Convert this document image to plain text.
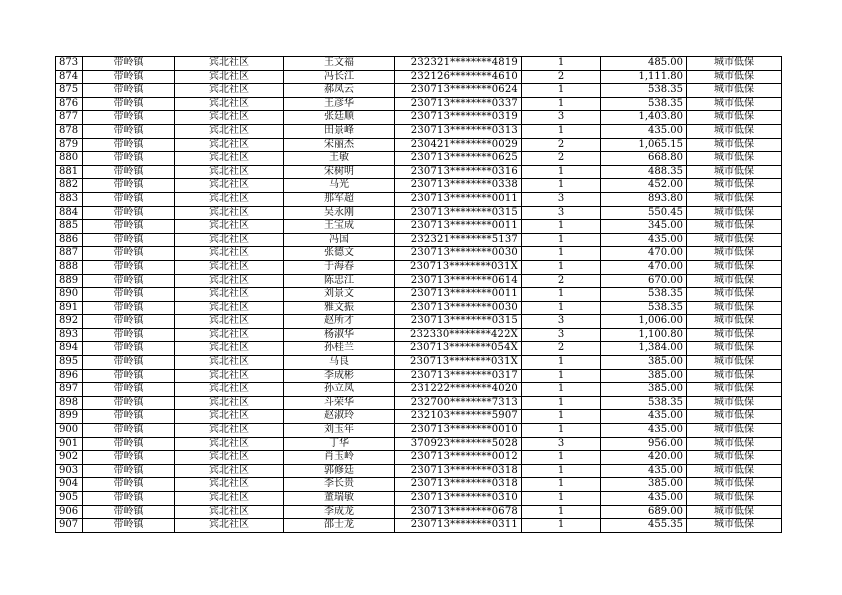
873	带岭镇	宾北社区	王文福	232321********4819	1	485.00	城市低保
874	带岭镇	宾北社区	冯长江	232126********4610	2	1,111.80	城市低保
875	带岭镇	宾北社区	郝凤云	230713********0624	1	538.35	城市低保
876	带岭镇	宾北社区	王彦华	230713********0337	1	538.35	城市低保
877	带岭镇	宾北社区	张廷顺	230713********0319	3	1,403.80	城市低保
878	带岭镇	宾北社区	田景峰	230713********0313	1	435.00	城市低保
879	带岭镇	宾北社区	宋丽杰	230421********0029	2	1,065.15	城市低保
880	带岭镇	宾北社区	王敏	230713********0625	2	668.80	城市低保
881	带岭镇	宾北社区	宋树明	230713********0316	1	488.35	城市低保
882	带岭镇	宾北社区	马光	230713********0338	1	452.00	城市低保
883	带岭镇	宾北社区	那军超	230713********0011	3	893.80	城市低保
884	带岭镇	宾北社区	吴永刚	230713********0315	3	550.45	城市低保
885	带岭镇	宾北社区	王宝成	230713********0011	1	345.00	城市低保
886	带岭镇	宾北社区	冯国	232321********5137	1	435.00	城市低保
887	带岭镇	宾北社区	张德文	230713********0030	1	470.00	城市低保
888	带岭镇	宾北社区	于海春	230713********031X	1	470.00	城市低保
889	带岭镇	宾北社区	陈忠江	230713********0614	2	670.00	城市低保
890	带岭镇	宾北社区	刘景文	230713********0011	1	538.35	城市低保
891	带岭镇	宾北社区	雅文振	230713********0030	1	538.35	城市低保
892	带岭镇	宾北社区	赵所才	230713********0315	3	1,006.00	城市低保
893	带岭镇	宾北社区	杨淑华	232330********422X	3	1,100.80	城市低保
894	带岭镇	宾北社区	孙桂兰	230713********054X	2	1,384.00	城市低保
895	带岭镇	宾北社区	马良	230713********031X	1	385.00	城市低保
896	带岭镇	宾北社区	李成彬	230713********0317	1	385.00	城市低保
897	带岭镇	宾北社区	孙立凤	231222********4020	1	385.00	城市低保
898	带岭镇	宾北社区	斗荣华	232700********7313	1	538.35	城市低保
899	带岭镇	宾北社区	赵淑玲	232103********5907	1	435.00	城市低保
900	带岭镇	宾北社区	刘玉年	230713********0010	1	435.00	城市低保
901	带岭镇	宾北社区	丁华	370923********5028	3	956.00	城市低保
902	带岭镇	宾北社区	肖玉岭	230713********0012	1	420.00	城市低保
903	带岭镇	宾北社区	郭修廷	230713********0318	1	435.00	城市低保
904	带岭镇	宾北社区	李长贵	230713********0318	1	385.00	城市低保
905	带岭镇	宾北社区	董瑞敏	230713********0310	1	435.00	城市低保
906	带岭镇	宾北社区	李成龙	230713********0678	1	689.00	城市低保
907	带岭镇	宾北社区	邵士龙	230713********0311	1	455.35	城市低保
